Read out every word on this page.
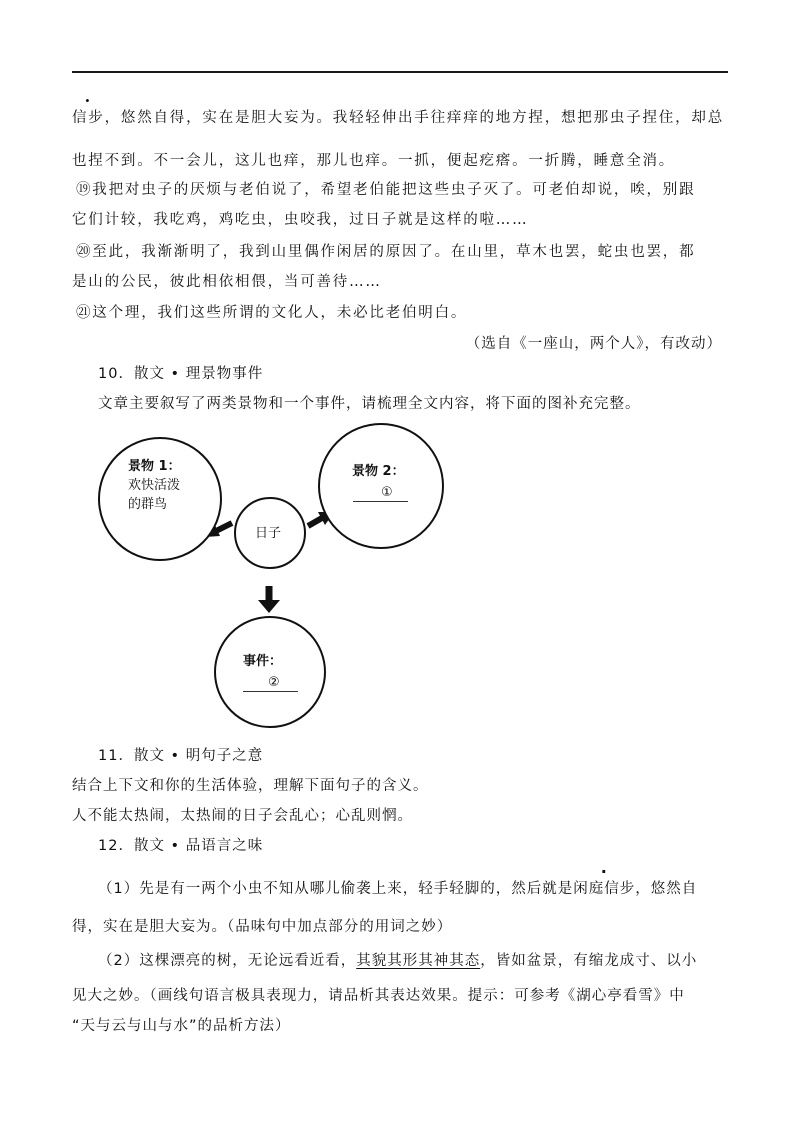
信步，悠然自得，实在是胆大妄为。我轻轻伸出手往痒痒的地方捏，想把那虫子捏住，却总
也捏不到。不一会儿，这儿也痒，那儿也痒。一抓，便起疙瘩。一折腾，睡意全消。
⑲我把对虫子的厌烦与老伯说了，希望老伯能把这些虫子灭了。可老伯却说，唉，别跟
它们计较，我吃鸡，鸡吃虫，虫咬我，过日子就是这样的啦……
⑳至此，我渐渐明了，我到山里偶作闲居的原因了。在山里，草木也罢，蛇虫也罢，都
是山的公民，彼此相依相偎，当可善待……
㉑这个理，我们这些所谓的文化人，未必比老伯明白。
（选自《一座山，两个人》，有改动）
10．散文 • 理景物事件
文章主要叙写了两类景物和一个事件，请梳理全文内容，将下面的图补充完整。
景物 1：
欢快活泼
的群鸟
景物 2：
①
日子
事件：
②
11．散文 • 明句子之意
结合上下文和你的生活体验，理解下面句子的含义。
人不能太热闹，太热闹的日子会乱心；心乱则惘。
12．散文 • 品语言之味
（1）先是有一两个小虫不知从哪儿偷袭上来，轻手轻脚的，然后就是闲庭信步，悠然自
得，实在是胆大妄为。（品味句中加点部分的用词之妙）
（2）这棵漂亮的树，无论远看近看，其貌其形其神其态，皆如盆景，有缩龙成寸、以小
见大之妙。（画线句语言极具表现力，请品析其表达效果。提示：可参考《湖心亭看雪》中
“天与云与山与水”的品析方法）
